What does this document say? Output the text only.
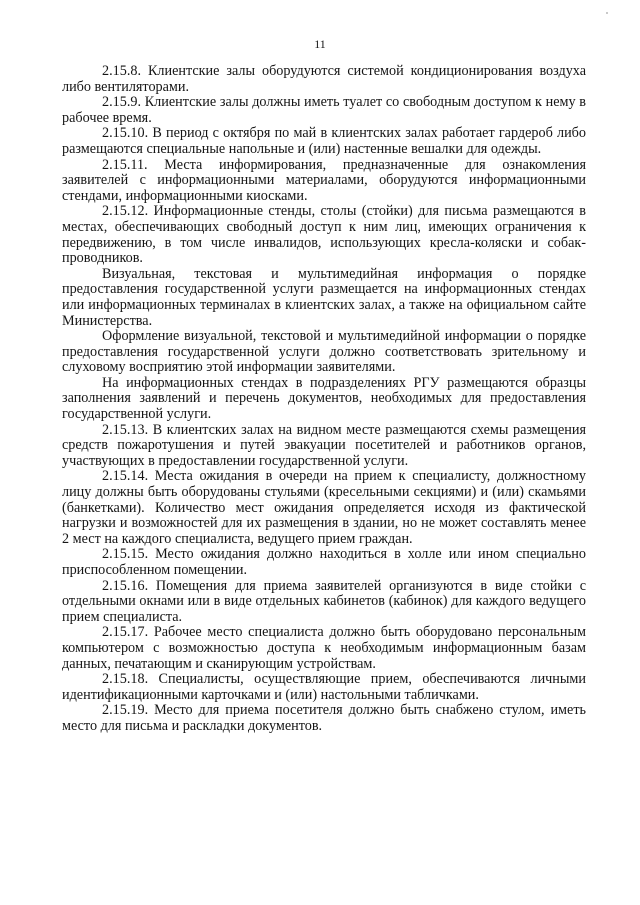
11

2.15.8. Клиентские залы оборудуются системой кондиционирования воздуха либо вентиляторами.

2.15.9. Клиентские залы должны иметь туалет со свободным доступом к нему в рабочее время.

2.15.10. В период с октября по май в клиентских залах работает гардероб либо размещаются специальные напольные и (или) настенные вешалки для одежды.

2.15.11. Места информирования, предназначенные для ознакомления заявителей с информационными материалами, оборудуются информационными стендами, информационными киосками.

2.15.12. Информационные стенды, столы (стойки) для письма размещаются в местах, обеспечивающих свободный доступ к ним лиц, имеющих ограничения к передвижению, в том числе инвалидов, использующих кресла-коляски и собак-проводников.

Визуальная, текстовая и мультимедийная информация о порядке предоставления государственной услуги размещается на информационных стендах или информационных терминалах в клиентских залах, а также на официальном сайте Министерства.

Оформление визуальной, текстовой и мультимедийной информации о порядке предоставления государственной услуги должно соответствовать зрительному и слуховому восприятию этой информации заявителями.

На информационных стендах в подразделениях РГУ размещаются образцы заполнения заявлений и перечень документов, необходимых для предоставления государственной услуги.

2.15.13. В клиентских залах на видном месте размещаются схемы размещения средств пожаротушения и путей эвакуации посетителей и работников органов, участвующих в предоставлении государственной услуги.

2.15.14. Места ожидания в очереди на прием к специалисту, должностному лицу должны быть оборудованы стульями (кресельными секциями) и (или) скамьями (банкетками). Количество мест ожидания определяется исходя из фактической нагрузки и возможностей для их размещения в здании, но не может составлять менее 2 мест на каждого специалиста, ведущего прием граждан.

2.15.15. Место ожидания должно находиться в холле или ином специально приспособленном помещении.

2.15.16. Помещения для приема заявителей организуются в виде стойки с отдельными окнами или в виде отдельных кабинетов (кабинок) для каждого ведущего прием специалиста.

2.15.17. Рабочее место специалиста должно быть оборудовано персональным компьютером с возможностью доступа к необходимым информационным базам данных, печатающим и сканирующим устройствам.

2.15.18. Специалисты, осуществляющие прием, обеспечиваются личными идентификационными карточками и (или) настольными табличками.

2.15.19. Место для приема посетителя должно быть снабжено стулом, иметь место для письма и раскладки документов.
